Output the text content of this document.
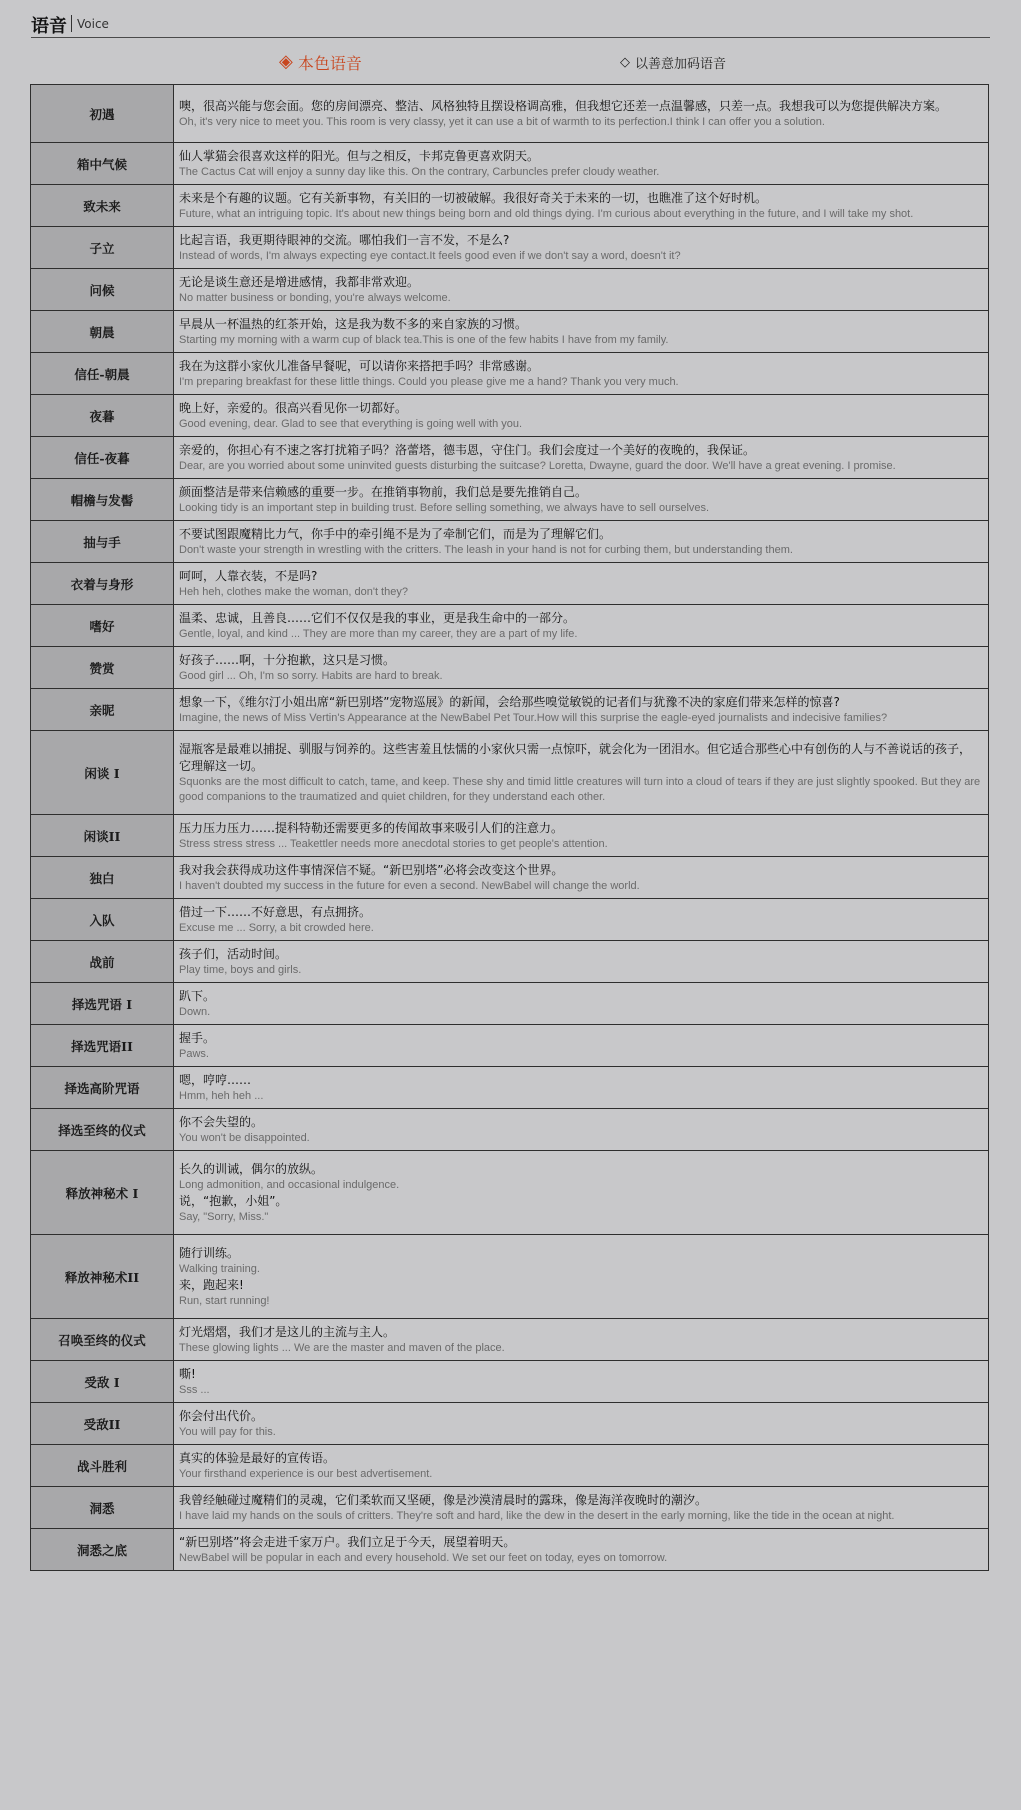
语音 Voice
◈ 本色语音	◇ 以善意加码语音
初遇	噢，很高兴能与您会面。您的房间漂亮、整洁、风格独特且摆设格调高雅，但我想它还差一点温馨感，只差一点。我想我可以为您提供解决方案。
Oh, it's very nice to meet you. This room is very classy, yet it can use a bit of warmth to its perfection.I think I can offer you a solution.

箱中气候	仙人掌猫会很喜欢这样的阳光。但与之相反，卡邦克鲁更喜欢阴天。
The Cactus Cat will enjoy a sunny day like this. On the contrary, Carbuncles prefer cloudy weather.

致未来	未来是个有趣的议题。它有关新事物，有关旧的一切被破解。我很好奇关于未来的一切，也瞧准了这个好时机。
Future, what an intriguing topic. It's about new things being born and old things dying. I'm curious about everything in the future, and I will take my shot.

子立	比起言语，我更期待眼神的交流。哪怕我们一言不发，不是么?
Instead of words, I'm always expecting eye contact.It feels good even if we don't say a word, doesn't it?

问候	无论是谈生意还是增进感情，我都非常欢迎。
No matter business or bonding, you're always welcome.

朝晨	早晨从一杯温热的红茶开始，这是我为数不多的来自家族的习惯。
Starting my morning with a warm cup of black tea.This is one of the few habits I have from my family.

信任-朝晨	我在为这群小家伙儿准备早餐呢，可以请你来搭把手吗？非常感谢。
I'm preparing breakfast for these little things. Could you please give me a hand? Thank you very much.

夜暮	晚上好，亲爱的。很高兴看见你一切都好。
Good evening, dear. Glad to see that everything is going well with you.

信任-夜暮	亲爱的，你担心有不速之客打扰箱子吗？洛蕾塔，德韦恩，守住门。我们会度过一个美好的夜晚的，我保证。
Dear, are you worried about some uninvited guests disturbing the suitcase? Loretta, Dwayne, guard the door. We'll have a great evening. I promise.

帽檐与发髻	颜面整洁是带来信赖感的重要一步。在推销事物前，我们总是要先推销自己。
Looking tidy is an important step in building trust. Before selling something, we always have to sell ourselves.

抽与手	不要试图跟魔精比力气，你手中的牵引绳不是为了牵制它们，而是为了理解它们。
Don't waste your strength in wrestling with the critters. The leash in your hand is not for curbing them, but understanding them.

衣着与身形	呵呵，人靠衣装，不是吗?
Heh heh, clothes make the woman, don't they?

嗜好	温柔、忠诚，且善良……它们不仅仅是我的事业，更是我生命中的一部分。
Gentle, loyal, and kind ... They are more than my career, they are a part of my life.

赞赏	好孩子……啊，十分抱歉，这只是习惯。
Good girl ... Oh, I'm so sorry. Habits are hard to break.

亲昵	想象一下，《维尔汀小姐出席“新巴别塔”宠物巡展》的新闻，会给那些嗅觉敏锐的记者们与犹豫不决的家庭们带来怎样的惊喜?
Imagine, the news of Miss Vertin's Appearance at the NewBabel Pet Tour.How will this surprise the eagle-eyed journalists and indecisive families?

闲谈 I	湿瓶客是最难以捕捉、驯服与饲养的。这些害羞且怯懦的小家伙只需一点惊吓，就会化为一团泪水。但它适合那些心中有创伤的人与不善说话的孩子，它理解这一切。
Squonks are the most difficult to catch, tame, and keep. These shy and timid little creatures will turn into a cloud of tears if they are just slightly spooked. But they are good companions to the traumatized and quiet children, for they understand each other.

闲谈II	压力压力压力……提科特勒还需要更多的传闻故事来吸引人们的注意力。
Stress stress stress ... Teakettler needs more anecdotal stories to get people's attention.

独白	我对我会获得成功这件事情深信不疑。“新巴别塔”必将会改变这个世界。
I haven't doubted my success in the future for even a second. NewBabel will change the world.

入队	借过一下……不好意思，有点拥挤。
Excuse me ... Sorry, a bit crowded here.

战前	孩子们，活动时间。
Play time, boys and girls.

择选咒语 I	趴下。
Down.

择选咒语II	握手。
Paws.

择选高阶咒语	嗯，哼哼……
Hmm, heh heh ...

择选至终的仪式	你不会失望的。
You won't be disappointed.

释放神秘术 I	长久的训诫，偶尔的放纵。
Long admonition, and occasional indulgence.
说，“抱歉，小姐”。
Say, "Sorry, Miss."

释放神秘术II	随行训练。
Walking training.
来，跑起来!
Run, start running!

召唤至终的仪式	灯光熠熠，我们才是这儿的主流与主人。
These glowing lights ... We are the master and maven of the place.

受敌 I	嘶!
Sss ...

受敌II	你会付出代价。
You will pay for this.

战斗胜利	真实的体验是最好的宣传语。
Your firsthand experience is our best advertisement.

洞悉	我曾经触碰过魔精们的灵魂，它们柔软而又坚硬，像是沙漠清晨时的露珠，像是海洋夜晚时的潮汐。
I have laid my hands on the souls of critters. They're soft and hard, like the dew in the desert in the early morning, like the tide in the ocean at night.

洞悉之底	“新巴别塔”将会走进千家万户。我们立足于今天，展望着明天。
NewBabel will be popular in each and every household. We set our feet on today, eyes on tomorrow.
